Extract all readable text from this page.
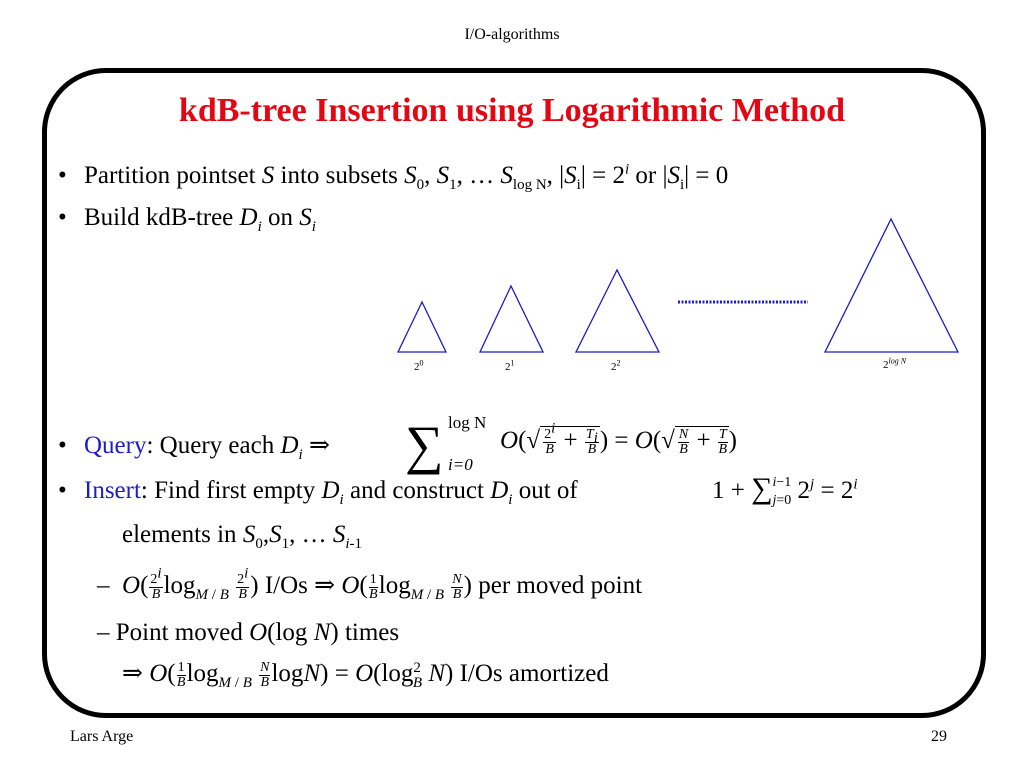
I/O-algorithms
kdB-tree Insertion using Logarithmic Method
• Partition pointset S into subsets $S_0$, $S_1$, … $S_{log N}$, $|S_i| = 2^i$ or $|S_i| = 0$
• Build kdB-tree $D_i$ on $S_i$
$2^0$	$2^1$	$2^2$	$2^{log N}$
• Query: Query each $D_i$ ⇒ ∑ log N
i=0
$O(√ \frac{2^i}{B} + \frac{T_i}{B}$ ) = $O(√ \frac{N}{B} + \frac{T}{B}$ )
• Insert: Find first empty $D_i$ and construct $D_i$ out of	1 + ∑i−1
j=0 $2^j = 2^i$
elements in $S_0,S_1$, … $S_{i-1}$
–  $O( \frac{2^i}{B} \log_{M / B} \frac{2^i}{B}$ ) I/Os ⇒ $O( \frac{1}{B} \log_{M / B} \frac{N}{B}$ ) per moved point
– Point moved O(log N) times
⇒ $O( \frac{1}{B} \log_{M / B} \frac{N}{B} \log N) = O(\log^2_B$ N) I/Os amortized
Lars Arge	29
